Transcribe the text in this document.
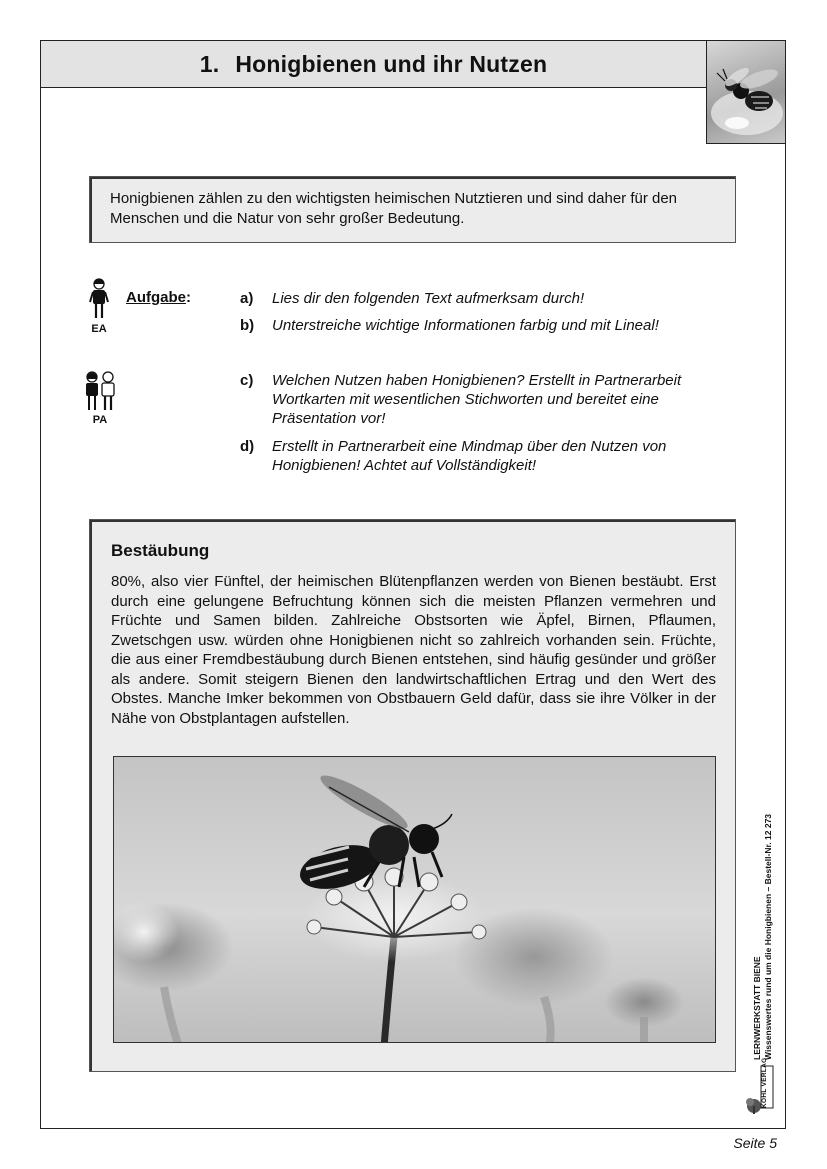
1. Honigbienen und ihr Nutzen
Honigbienen zählen zu den wichtigsten heimischen Nutztieren und sind daher für den Menschen und die Natur von sehr großer Bedeutung.
EA
Aufgabe:	a)	Lies dir den folgenden Text aufmerksam durch!
b)	Unterstreiche wichtige Informationen farbig und mit Lineal!
PA
c)	Welchen Nutzen haben Honigbienen? Erstellt in Partnerarbeit Wortkarten mit wesentlichen Stichworten und bereitet eine Präsentation vor!
d)	Erstellt in Partnerarbeit eine Mindmap über den Nutzen von Honigbienen! Achtet auf Vollständigkeit!
Bestäubung
80%, also vier Fünftel, der heimischen Blütenpflanzen werden von Bienen bestäubt. Erst durch eine gelungene Befruchtung können sich die meisten Pflanzen vermehren und Früchte und Samen bilden. Zahlreiche Obstsorten wie Äpfel, Birnen, Pflaumen, Zwetschgen usw. würden ohne Honigbienen nicht so zahlreich vorhanden sein. Früchte, die aus einer Fremdbestäubung durch Bienen entstehen, sind häufig gesünder und größer als andere. Somit steigern Bienen den landwirtschaftlichen Ertrag und den Wert des Obstes. Manche Imker bekommen von Obstbauern Geld dafür, dass sie ihre Völker in der Nähe von Obstplantagen aufstellen.
LERNWERKSTATT BIENE Wissenswertes rund um die Honigbienen – Bestell-Nr. 12 273
KOHL VERLAG
Seite 5
